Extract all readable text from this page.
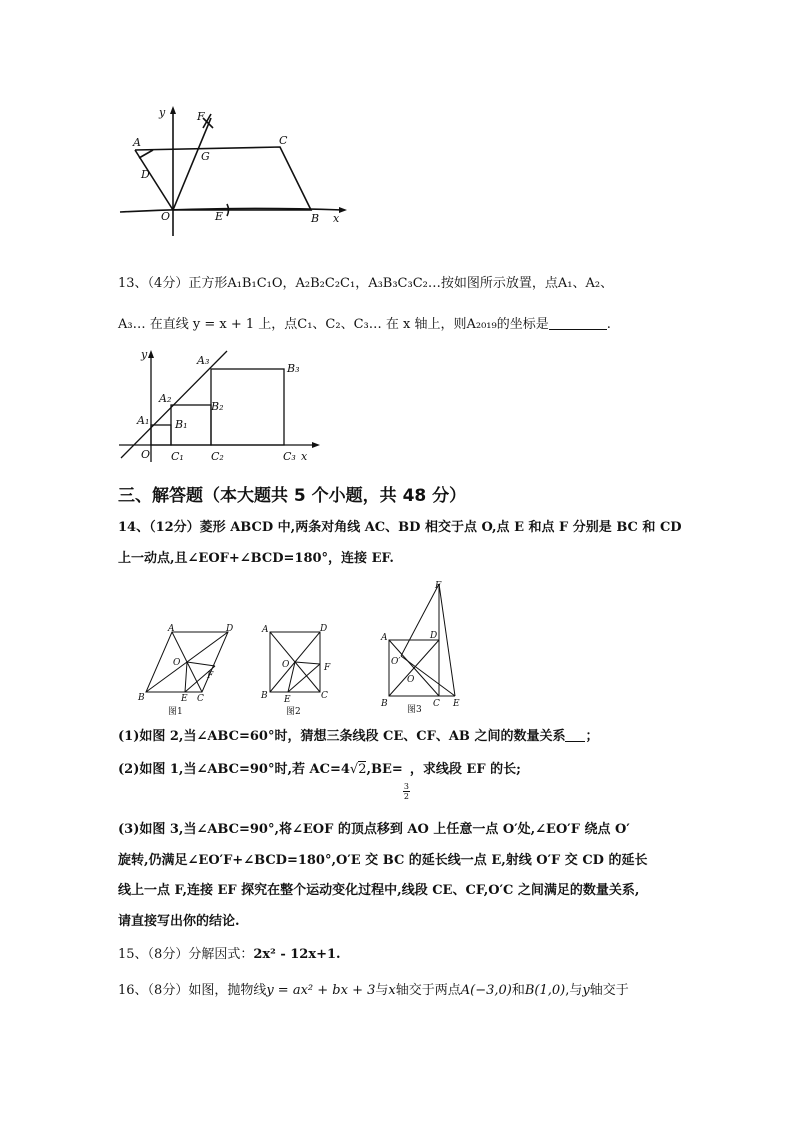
y	F
A	C
G
D
O	E	B x
13、（4分）正方形A₁B₁C₁O，A₂B₂C₂C₁，A₃B₃C₃C₂…按如图所示放置，点A₁、A₂、
A₃… 在直线 y = x + 1 上，点C₁、C₂、C₃… 在 x 轴上，则A₂₀₁₉的坐标是	.
y	A₃
B₃
A₂
B₂
A₁ B₁
O C₁ C₂	C₃ x
三、解答题（本大题共 5 个小题，共 48 分）
14、（12分）菱形 ABCD 中,两条对角线 AC、BD 相交于点 O,点 E 和点 F 分别是 BC 和 CD
上一动点,且∠EOF+∠BCD=180°，连接 EF.
A	D
O
F
B	E C
图1
A	D
O	F
B E	C
图2
F
A	D
O′
O
B	C E
图3
(1)如图 2,当∠ABC=60°时，猜想三条线段 CE、CF、AB 之间的数量关系 ；
(2)如图 1,当∠ABC=90°时,若 AC=4√2,BE=
$\frac{3}{2}$
，求线段 EF 的长;
(3)如图 3,当∠ABC=90°,将∠EOF 的顶点移到 AO 上任意一点 O′处,∠EO′F 绕点 O′
旋转,仍满足∠EO′F+∠BCD=180°,O′E 交 BC 的延长线一点 E,射线 O′F 交 CD 的延长
线上一点 F,连接 EF 探究在整个运动变化过程中,线段 CE、CF,O′C 之间满足的数量关系,
请直接写出你的结论.
15、（8分）分解因式：2x² - 12x+1.
16、（8分）如图，抛物线y = ax² + bx + 3与x轴交于两点A(−3,0)和B(1,0),与y轴交于
